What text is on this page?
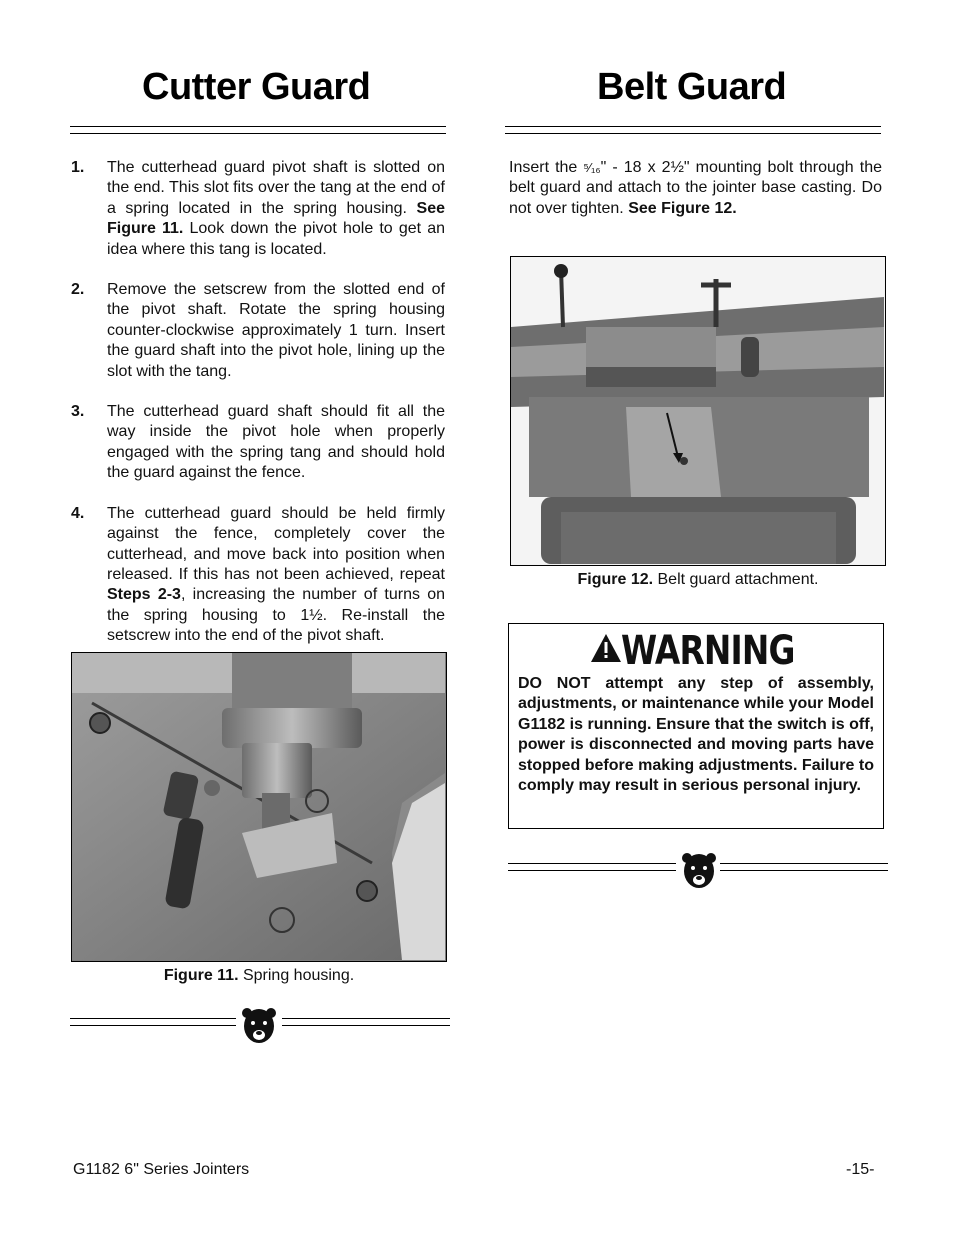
Cutter Guard	Belt Guard
1. The cutterhead guard pivot shaft is slotted on the end. This slot fits over the tang at the end of a spring located in the spring housing. See Figure 11. Look down the pivot hole to get an idea where this tang is located.
2. Remove the setscrew from the slotted end of the pivot shaft. Rotate the spring housing counter-clockwise approximately 1 turn. Insert the guard shaft into the pivot hole, lining up the slot with the tang.
3. The cutterhead guard shaft should fit all the way inside the pivot hole when properly engaged with the spring tang and should hold the guard against the fence.
4. The cutterhead guard should be held firmly against the fence, completely cover the cutterhead, and move back into position when released. If this has not been achieved, repeat Steps 2-3, increasing the number of turns on the spring housing to 1½. Re-install the setscrew into the end of the pivot shaft.
Figure 11. Spring housing.
Insert the ⁵⁄₁₆" - 18 x 2½" mounting bolt through the belt guard and attach to the jointer base casting. Do not over tighten. See Figure 12.
Figure 12. Belt guard attachment.
WARNING
DO NOT attempt any step of assembly, adjustments, or maintenance while your Model G1182 is running. Ensure that the switch is off, power is disconnected and moving parts have stopped before making adjustments. Failure to comply may result in serious personal injury.
G1182 6" Series Jointers	-15-
